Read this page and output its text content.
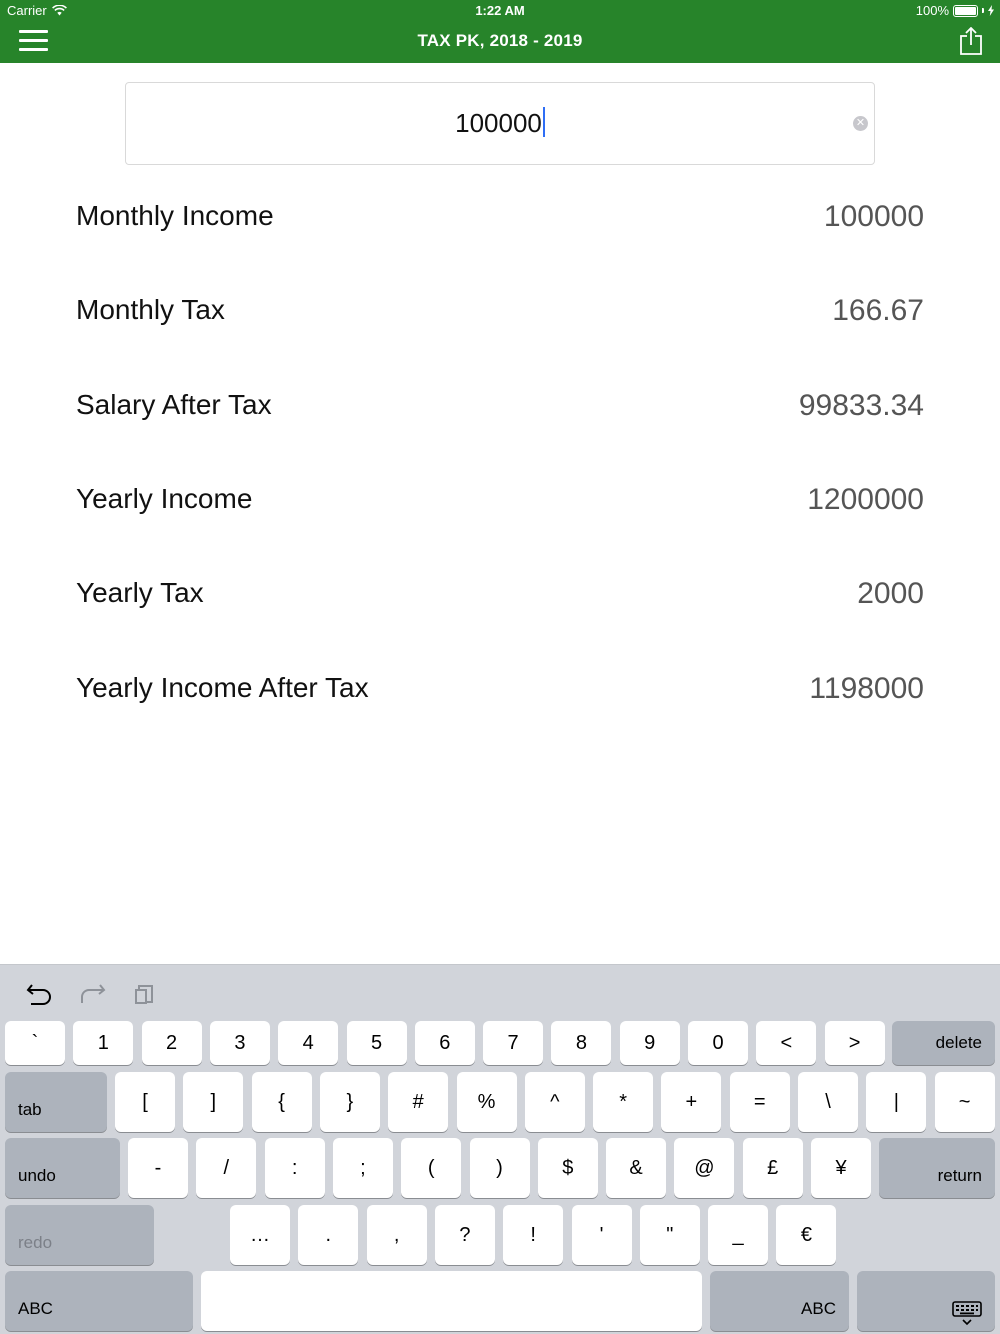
Carrier	1:22 AM	100%
TAX PK, 2018 - 2019
100000	✕
Monthly Income	100000
Monthly Tax	166.67
Salary After Tax	99833.34
Yearly Income	1200000
Yearly Tax	2000
Yearly Income After Tax	1198000
`	1	2	3	4	5	6	7	8	9	0	<	>	delete
tab	[	]	{	}	#	%	^	*	+	=	\	|	~
undo	-	/	:	;	(	)	$	&	@	£	¥	return
redo	…	.	,	?	!	'	"	_	€
ABC	ABC
